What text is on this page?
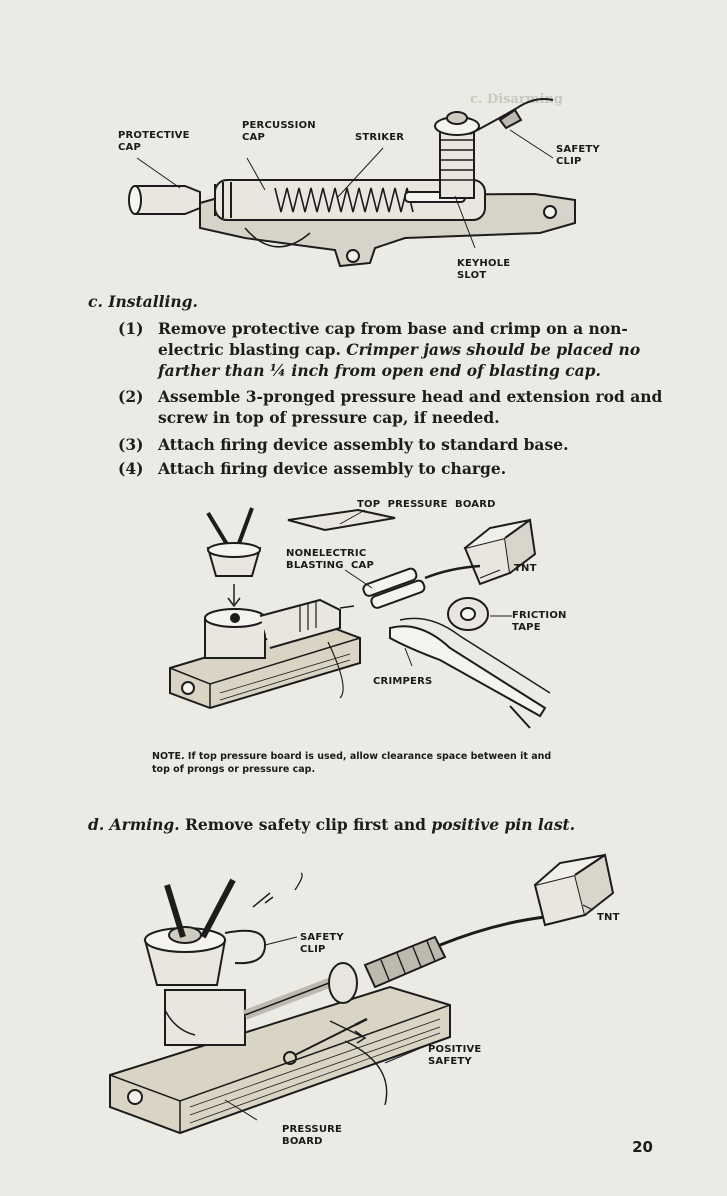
c. Disarming
PROTECTIVE
CAP
PERCUSSION
CAP	STRIKER
SAFETY
CLIP
KEYHOLE
SLOT
c. Installing.
(1) Remove protective cap from base and crimp on a non-electric blasting cap. Crimper jaws should be placed no farther than ¼ inch from open end of blasting cap.
(2) Assemble 3-pronged pressure head and extension rod and screw in top of pressure cap, if needed.
(3) Attach firing device assembly to standard base.
(4) Attach firing device assembly to charge.
TOP  PRESSURE  BOARD
NONELECTRIC
BLASTING  CAP	TNT
FRICTION
TAPE
CRIMPERS
NOTE. If top pressure board is used, allow clearance space between it and top of prongs or pressure cap.
d. Arming. Remove safety clip first and positive pin last.
TNT
SAFETY
CLIP
POSITIVE
SAFETY
PRESSURE
BOARD	20
